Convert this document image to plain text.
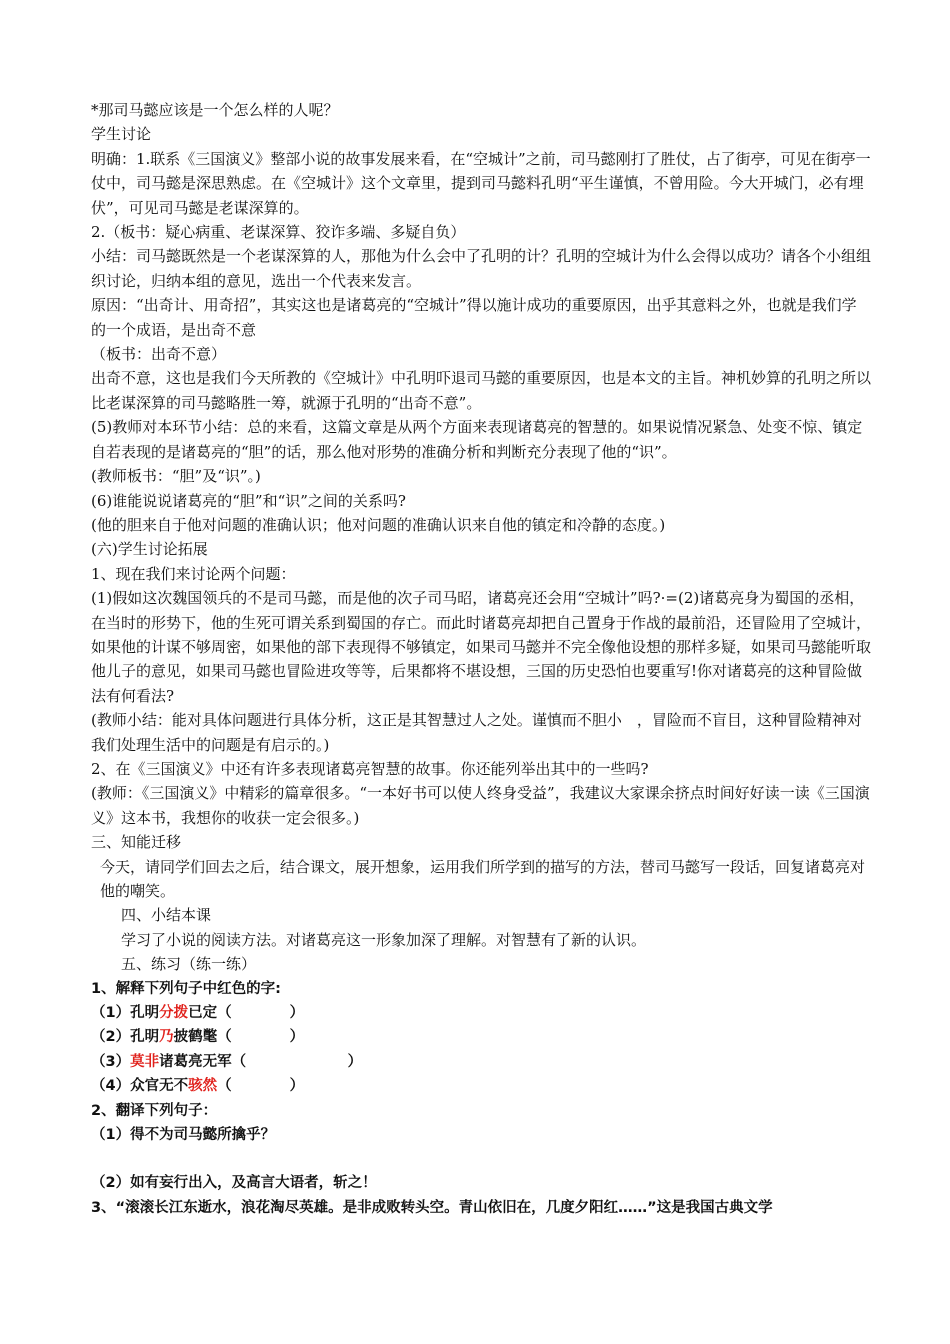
*那司马懿应该是一个怎么样的人呢？

学生讨论

明确：1.联系《三国演义》整部小说的故事发展来看，在“空城计”之前，司马懿刚打了胜仗，占了街亭，可见在街亭一仗中，司马懿是深思熟虑。在《空城计》这个文章里，提到司马懿料孔明“平生谨慎，不曾用险。今大开城门，必有埋伏”，可见司马懿是老谋深算的。

2.（板书：疑心病重、老谋深算、狡诈多端、多疑自负）

小结：司马懿既然是一个老谋深算的人，那他为什么会中了孔明的计？孔明的空城计为什么会得以成功？请各个小组组织讨论，归纳本组的意见，选出一个代表来发言。

原因：“出奇计、用奇招”，其实这也是诸葛亮的“空城计”得以施计成功的重要原因，出乎其意料之外，也就是我们学的一个成语，是出奇不意

（板书：出奇不意）

出奇不意，这也是我们今天所教的《空城计》中孔明吓退司马懿的重要原因，也是本文的主旨。神机妙算的孔明之所以比老谋深算的司马懿略胜一筹，就源于孔明的“出奇不意”。

(5)教师对本环节小结：总的来看，这篇文章是从两个方面来表现诸葛亮的智慧的。如果说情况紧急、处变不惊、镇定自若表现的是诸葛亮的“胆”的话，那么他对形势的准确分析和判断充分表现了他的“识”。

(教师板书：“胆”及“识”。)

(6)谁能说说诸葛亮的“胆”和“识”之间的关系吗?

(他的胆来自于他对问题的准确认识；他对问题的准确认识来自他的镇定和冷静的态度。)

(六)学生讨论拓展

1、现在我们来讨论两个问题：

(1)假如这次魏国领兵的不是司马懿，而是他的次子司马昭，诸葛亮还会用“空城计”吗?·=(2)诸葛亮身为蜀国的丞相，在当时的形势下，他的生死可谓关系到蜀国的存亡。而此时诸葛亮却把自己置身于作战的最前沿，还冒险用了空城计，如果他的计谋不够周密，如果他的部下表现得不够镇定，如果司马懿并不完全像他设想的那样多疑，如果司马懿能听取他儿子的意见，如果司马懿也冒险进攻等等，后果都将不堪设想，三国的历史恐怕也要重写!你对诸葛亮的这种冒险做法有何看法?

(教师小结：能对具体问题进行具体分析，这正是其智慧过人之处。谨慎而不胆小　，冒险而不盲目，这种冒险精神对我们处理生活中的问题是有启示的。)

2、在《三国演义》中还有许多表现诸葛亮智慧的故事。你还能列举出其中的一些吗?

(教师：《三国演义》中精彩的篇章很多。“一本好书可以使人终身受益”，我建议大家课余挤点时间好好读一读《三国演义》这本书，我想你的收获一定会很多。)

三、知能迁移

今天，请同学们回去之后，结合课文，展开想象，运用我们所学到的描写的方法，替司马懿写一段话，回复诸葛亮对他的嘲笑。

四、小结本课

学习了小说的阅读方法。对诸葛亮这一形象加深了理解。对智慧有了新的认识。

五、练习（练一练）

1、解释下列句子中红色的字:

（1）孔明分拨已定（　　　　）

（2）孔明乃披鹤氅（　　　　）

（3）莫非诸葛亮无军（　　　　　　　）

（4）众官无不骇然（　　　　）

2、翻译下列句子：

（1）得不为司马懿所擒乎？

（2）如有妄行出入，及高言大语者，斩之！

3、“滚滚长江东逝水，浪花淘尽英雄。是非成败转头空。青山依旧在，几度夕阳红……”这是我国古典文学
